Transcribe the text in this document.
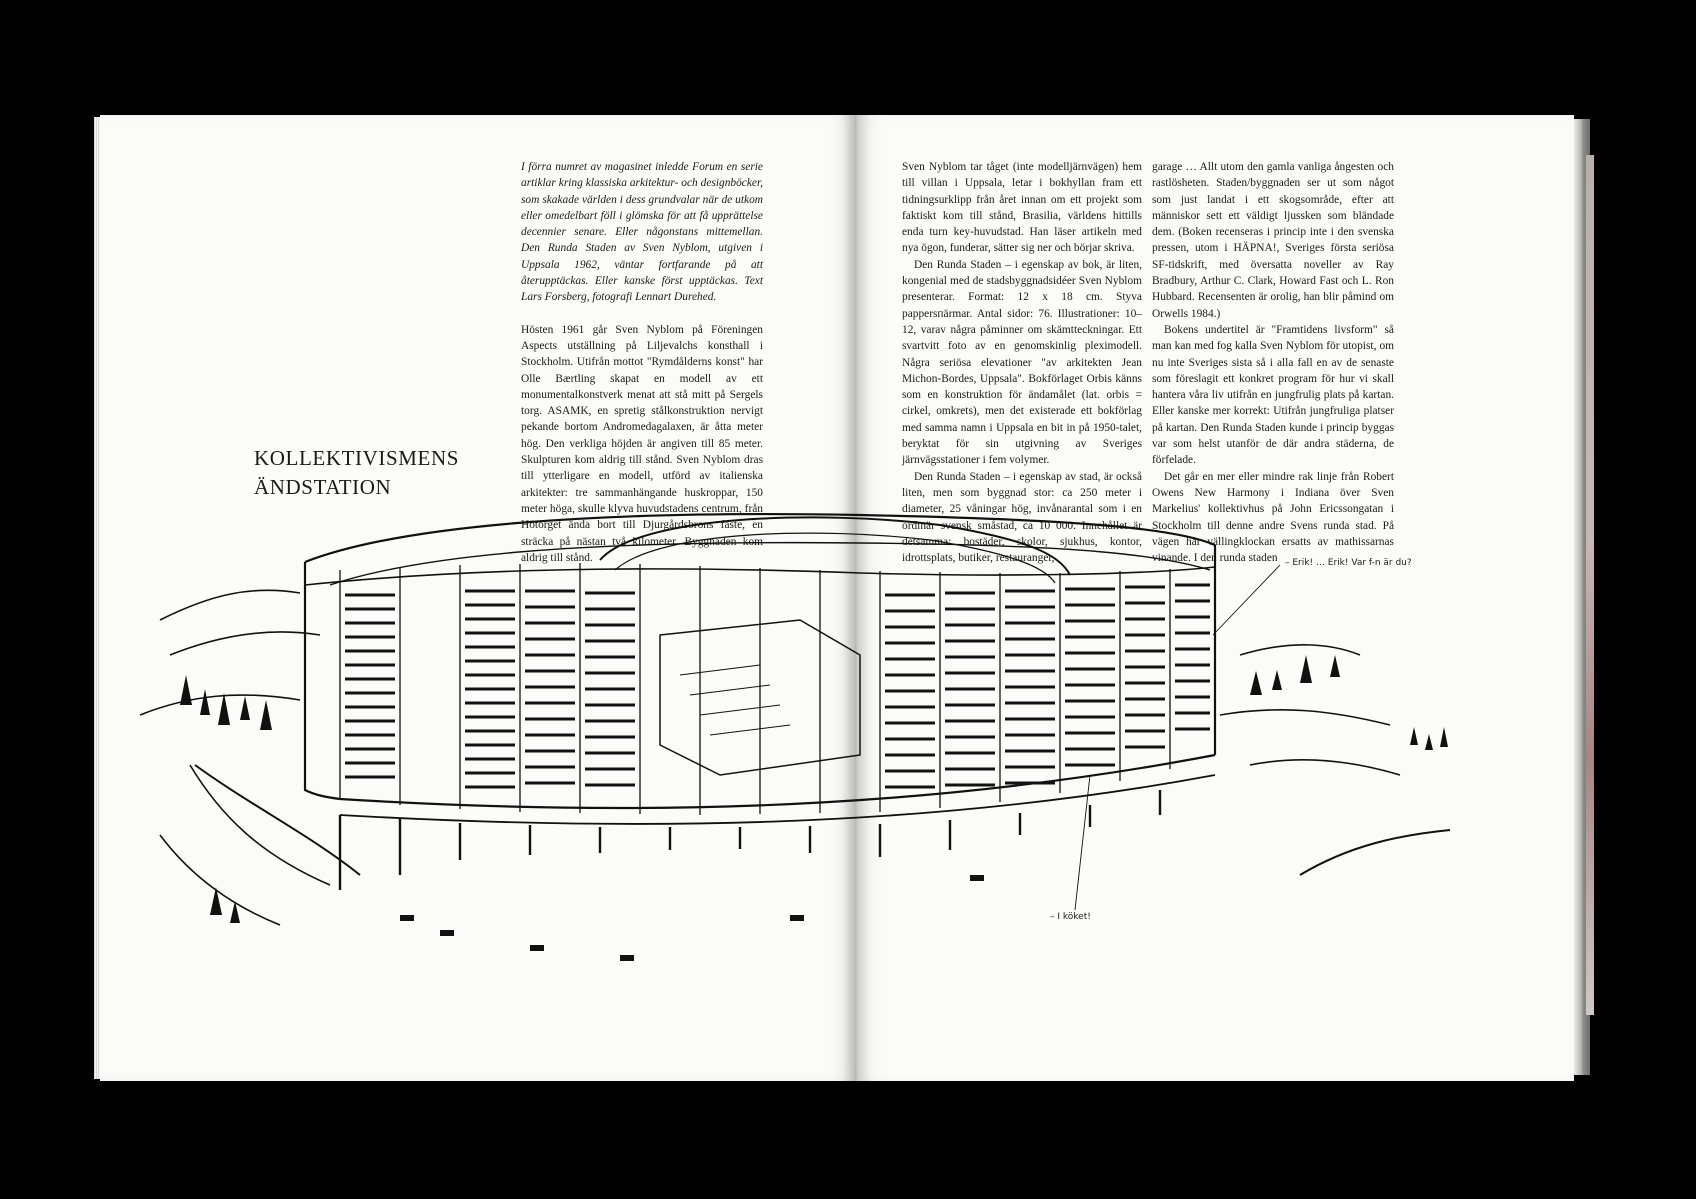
KOLLEKTIVISMENS
ÄNDSTATION

I förra numret av magasinet inledde Forum en serie artiklar kring klassiska arkitektur- och designböcker, som skakade världen i dess grundvalar när de utkom eller omedelbart föll i glömska för att få upprättelse decennier senare. Eller någonstans mittemellan. Den Runda Staden av Sven Nyblom, utgiven i Uppsala 1962, väntar fortfarande på att återupptäckas. Eller kanske först upptäckas. Text Lars Forsberg, fotografi Lennart Durehed.

Hösten 1961 går Sven Nyblom på Föreningen Aspects utställning på Liljevalchs konsthall i Stockholm. Utifrån mottot "Rymdålderns konst" har Olle Bærtling skapat en modell av ett monumentalkonstverk menat att stå mitt på Sergels torg. ASAMK, en spretig stålkonstruktion nervigt pekande bortom Andromedagalaxen, är åtta meter hög. Den verkliga höjden är angiven till 85 meter. Skulpturen kom aldrig till stånd. Sven Nyblom dras till ytterligare en modell, utförd av italienska arkitekter: tre sammanhängande huskroppar, 150 meter höga, skulle klyva huvudstadens centrum, från Hötorget ända bort till Djurgårdsbrons fäste, en sträcka på nästan två kilometer. Byggnaden kom aldrig till stånd.

Sven Nyblom tar tåget (inte modelljärnvägen) hem till villan i Uppsala, letar i bokhyllan fram ett tidningsurklipp från året innan om ett projekt som faktiskt kom till stånd, Brasilia, världens hittills enda turn key-huvudstad. Han läser artikeln med nya ögon, funderar, sätter sig ner och börjar skriva.

Den Runda Staden – i egenskap av bok, är liten, kongenial med de stadsbyggnadsidéer Sven Nyblom presenterar. Format: 12 x 18 cm. Styva pappersпärmar. Antal sidor: 76. Illustrationer: 10–12, varav några påminner om skämtteckningar. Ett svartvitt foto av en genomskinlig pleximodell. Några seriösa elevationer "av arkitekten Jean Michon-Bordes, Uppsala". Bokförlaget Orbis känns som en konstruktion för ändamålet (lat. orbis = cirkel, omkrets), men det existerade ett bokförlag med samma namn i Uppsala en bit in på 1950-talet, beryktat för sin utgivning av Sveriges järnvägsstationer i fem volymer.

Den Runda Staden – i egenskap av stad, är också liten, men som byggnad stor: ca 250 meter i diameter, 25 våningar hög, invånarantal som i en ordinär svensk småstad, ca 10 000. Innehållet är detsamma: bostäder, skolor, sjukhus, kontor, idrottsplats, butiker, restauranger,

garage … Allt utom den gamla vanliga ångesten och rastlösheten. Staden/byggnaden ser ut som något som just landat i ett skogsområde, efter att människor sett ett väldigt ljussken som bländade dem. (Boken recenseras i princip inte i den svenska pressen, utom i HÄPNA!, Sveriges första seriösa SF-tidskrift, med översatta noveller av Ray Bradbury, Arthur C. Clark, Howard Fast och L. Ron Hubbard. Recensenten är orolig, han blir påmind om Orwells 1984.)

Bokens undertitel är "Framtidens livsform" så man kan med fog kalla Sven Nyblom för utopist, om nu inte Sveriges sista så i alla fall en av de senaste som föreslagit ett konkret program för hur vi skall hantera våra liv utifrån en jungfrulig plats på kartan. Eller kanske mer korrekt: Utifrån jungfruliga platser på kartan. Den Runda Staden kunde i princip byggas var som helst utanför de där andra städerna, de förfelade.

Det går en mer eller mindre rak linje från Robert Owens New Harmony i Indiana över Sven Markelius' kollektivhus på John Ericssongatan i Stockholm till denne andre Svens runda stad. På vägen har vällingklockan ersatts av mathissarnas vinande. I den runda staden – Erik! … Erik! Var f-n är du?
– I köket!
